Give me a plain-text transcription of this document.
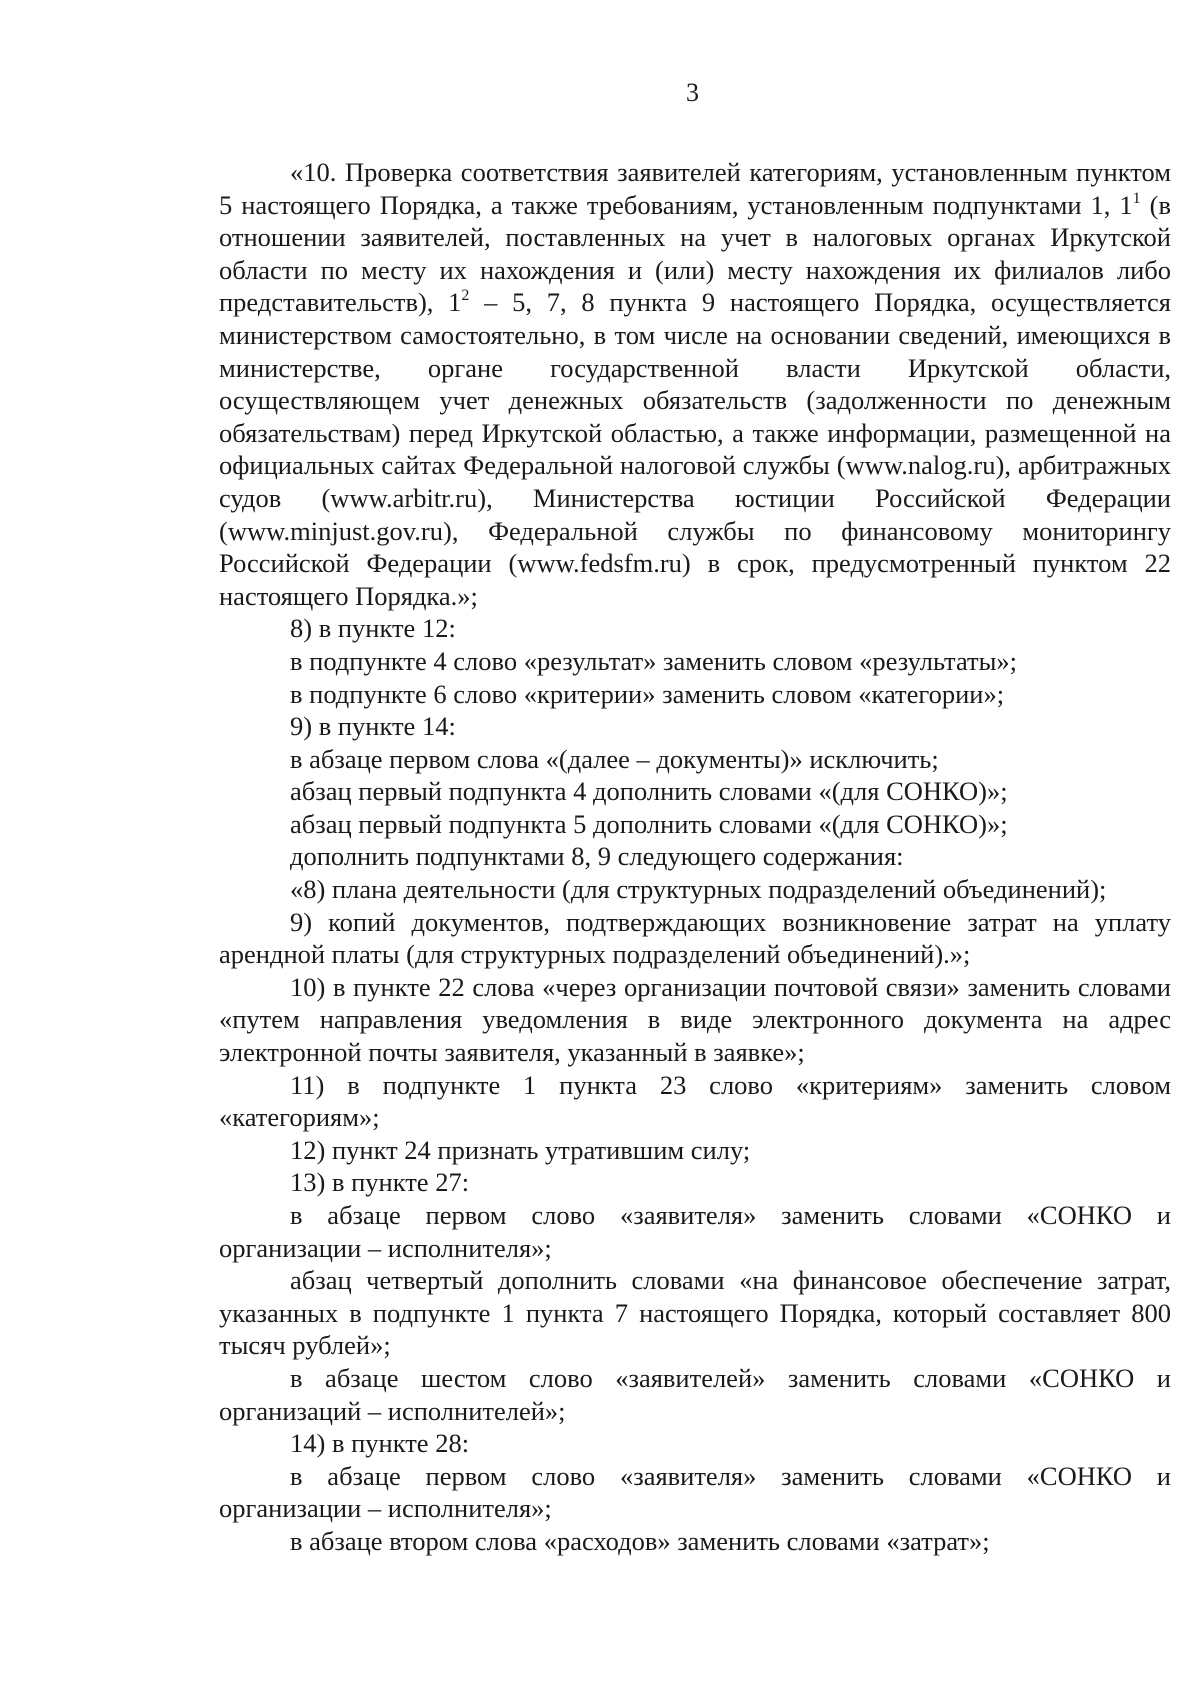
3

«10. Проверка соответствия заявителей категориям, установленным пунктом 5 настоящего Порядка, а также требованиям, установленным подпунктами 1, $1^1$ (в отношении заявителей, поставленных на учет в налоговых органах Иркутской области по месту их нахождения и (или) месту нахождения их филиалов либо представительств), $1^2 - 5$, 7, 8 пункта 9 настоящего Порядка, осуществляется министерством самостоятельно, в том числе на основании сведений, имеющихся в министерстве, органе государственной власти Иркутской области, осуществляющем учет денежных обязательств (задолженности по денежным обязательствам) перед Иркутской областью, а также информации, размещенной на официальных сайтах Федеральной налоговой службы (www.nalog.ru), арбитражных судов (www.arbitr.ru), Министерства юстиции Российской Федерации (www.minjust.gov.ru), Федеральной службы по финансовому мониторингу Российской Федерации (www.fedsfm.ru) в срок, предусмотренный пунктом 22 настоящего Порядка.»;

8) в пункте 12:

в подпункте 4 слово «результат» заменить словом «результаты»;

в подпункте 6 слово «критерии» заменить словом «категории»;

9) в пункте 14:

в абзаце первом слова «(далее – документы)» исключить;

абзац первый подпункта 4 дополнить словами «(для СОНКО)»;

абзац первый подпункта 5 дополнить словами «(для СОНКО)»;

дополнить подпунктами 8, 9 следующего содержания:

«8) плана деятельности (для структурных подразделений объединений);

9) копий документов, подтверждающих возникновение затрат на уплату арендной платы (для структурных подразделений объединений).»;

10) в пункте 22 слова «через организации почтовой связи» заменить словами «путем направления уведомления в виде электронного документа на адрес электронной почты заявителя, указанный в заявке»;

11) в подпункте 1 пункта 23 слово «критериям» заменить словом «категориям»;

12) пункт 24 признать утратившим силу;

13) в пункте 27:

в абзаце первом слово «заявителя» заменить словами «СОНКО и организации – исполнителя»;

абзац четвертый дополнить словами «на финансовое обеспечение затрат, указанных в подпункте 1 пункта 7 настоящего Порядка, который составляет 800 тысяч рублей»;

в абзаце шестом слово «заявителей» заменить словами «СОНКО и организаций – исполнителей»;

14) в пункте 28:

в абзаце первом слово «заявителя» заменить словами «СОНКО и организации – исполнителя»;

в абзаце втором слова «расходов» заменить словами «затрат»;
